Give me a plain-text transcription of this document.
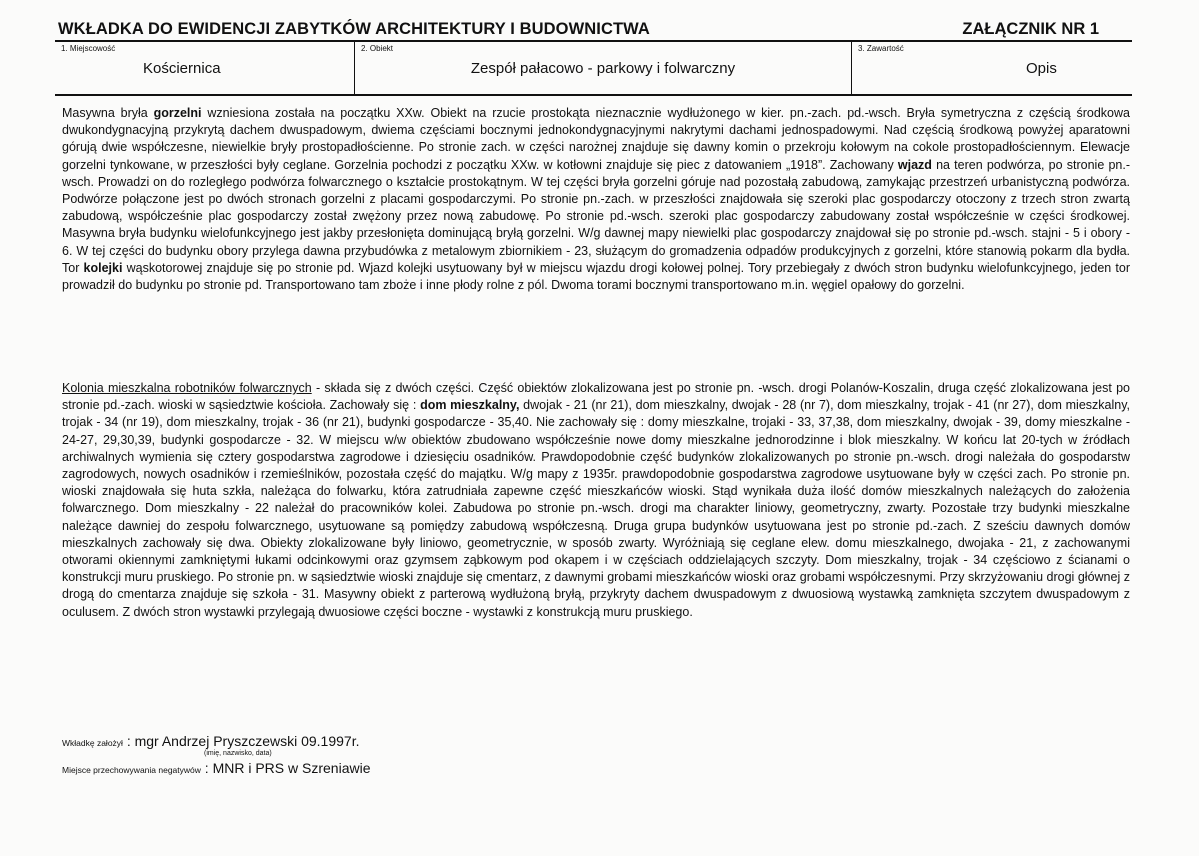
WKŁADKA DO EWIDENCJI ZABYTKÓW ARCHITEKTURY I BUDOWNICTWA	ZAŁĄCZNIK NR 1
1. Miejscowość
Kościernica
2. Obiekt
Zespół pałacowo - parkowy i folwarczny
3. Zawartość
Opis
Masywna bryła gorzelni wzniesiona została na początku XXw. Obiekt na rzucie prostokąta nieznacznie wydłużonego w kier. pn.-zach. pd.-wsch. Bryła symetryczna z częścią środkowa dwukondygnacyjną przykrytą dachem dwuspadowym, dwiema częściami bocznymi jednokondygnacyjnymi nakrytymi dachami jednospadowymi. Nad częścią środkową powyżej aparatowni górują dwie współczesne, niewielkie bryły prostopadłościenne. Po stronie zach. w części narożnej znajduje się dawny komin o przekroju kołowym na cokole prostopadłościennym. Elewacje gorzelni tynkowane, w przeszłości były ceglane. Gorzelnia pochodzi z początku XXw. w kotłowni znajduje się piec z datowaniem „1918”. Zachowany wjazd na teren podwórza, po stronie pn.-wsch. Prowadzi on do rozległego podwórza folwarcznego o kształcie prostokątnym. W tej części bryła gorzelni góruje nad pozostałą zabudową, zamykając przestrzeń urbanistyczną podwórza. Podwórze połączone jest po dwóch stronach gorzelni z placami gospodarczymi. Po stronie pn.-zach. w przeszłości znajdowała się szeroki plac gospodarczy otoczony z trzech stron zwartą zabudową, współcześnie plac gospodarczy został zwężony przez nową zabudowę. Po stronie pd.-wsch. szeroki plac gospodarczy zabudowany został współcześnie w części środkowej. Masywna bryła budynku wielofunkcyjnego jest jakby przesłonięta dominującą bryłą gorzelni. W/g dawnej mapy niewielki plac gospodarczy znajdował się po stronie pd.-wsch. stajni - 5 i obory - 6. W tej części do budynku obory przylega dawna przybudówka z metalowym zbiornikiem - 23, służącym do gromadzenia odpadów produkcyjnych z gorzelni, które stanowią pokarm dla bydła. Tor kolejki wąskotorowej znajduje się po stronie pd. Wjazd kolejki usytuowany był w miejscu wjazdu drogi kołowej polnej. Tory przebiegały z dwóch stron budynku wielofunkcyjnego, jeden tor prowadził do budynku po stronie pd. Transportowano tam zboże i inne płody rolne z pól. Dwoma torami bocznymi transportowano m.in. węgiel opałowy do gorzelni.
Kolonia mieszkalna robotników folwarcznych - składa się z dwóch części. Część obiektów zlokalizowana jest po stronie pn. -wsch. drogi Polanów-Koszalin, druga część zlokalizowana jest po stronie pd.-zach. wioski w sąsiedztwie kościoła. Zachowały się : dom mieszkalny, dwojak - 21 (nr 21), dom mieszkalny, dwojak - 28 (nr 7), dom mieszkalny, trojak - 41 (nr 27), dom mieszkalny, trojak - 34 (nr 19), dom mieszkalny, trojak - 36 (nr 21), budynki gospodarcze - 35,40. Nie zachowały się : domy mieszkalne, trojaki - 33, 37,38, dom mieszkalny, dwojak - 39, domy mieszkalne - 24-27, 29,30,39, budynki gospodarcze - 32. W miejscu w/w obiektów zbudowano współcześnie nowe domy mieszkalne jednorodzinne i blok mieszkalny. W końcu lat 20-tych w źródłach archiwalnych wymienia się cztery gospodarstwa zagrodowe i dziesięciu osadników. Prawdopodobnie część budynków zlokalizowanych po stronie pn.-wsch. drogi należała do gospodarstw zagrodowych, nowych osadników i rzemieślników, pozostała część do majątku. W/g mapy z 1935r. prawdopodobnie gospodarstwa zagrodowe usytuowane były w części zach. Po stronie pn. wioski znajdowała się huta szkła, należąca do folwarku, która zatrudniała zapewne część mieszkańców wioski. Stąd wynikała duża ilość domów mieszkalnych należących do założenia folwarcznego. Dom mieszkalny - 22 należał do pracowników kolei. Zabudowa po stronie pn.-wsch. drogi ma charakter liniowy, geometryczny, zwarty. Pozostałe trzy budynki mieszkalne należące dawniej do zespołu folwarcznego, usytuowane są pomiędzy zabudową współczesną. Druga grupa budynków usytuowana jest po stronie pd.-zach. Z sześciu dawnych domów mieszkalnych zachowały się dwa. Obiekty zlokalizowane były liniowo, geometrycznie, w sposób zwarty. Wyróżniają się ceglane elew. domu mieszkalnego, dwojaka - 21, z zachowanymi otworami okiennymi zamkniętymi łukami odcinkowymi oraz gzymsem ząbkowym pod okapem i w częściach oddzielających szczyty. Dom mieszkalny, trojak - 34 częściowo z ścianami o konstrukcji muru pruskiego. Po stronie pn. w sąsiedztwie wioski znajduje się cmentarz, z dawnymi grobami mieszkańców wioski oraz grobami współczesnymi. Przy skrzyżowaniu drogi głównej z drogą do cmentarza znajduje się szkoła - 31. Masywny obiekt z parterową wydłużoną bryłą, przykryty dachem dwuspadowym z dwuosiową wystawką zamknięta szczytem dwuspadowym z oculusem. Z dwóch stron wystawki przylegają dwuosiowe części boczne - wystawki z konstrukcją muru pruskiego.
Wkładkę założył : mgr Andrzej Pryszczewski 09.1997r.
(imię, nazwisko, data)
Miejsce przechowywania negatywów : MNR i PRS w Szreniawie
